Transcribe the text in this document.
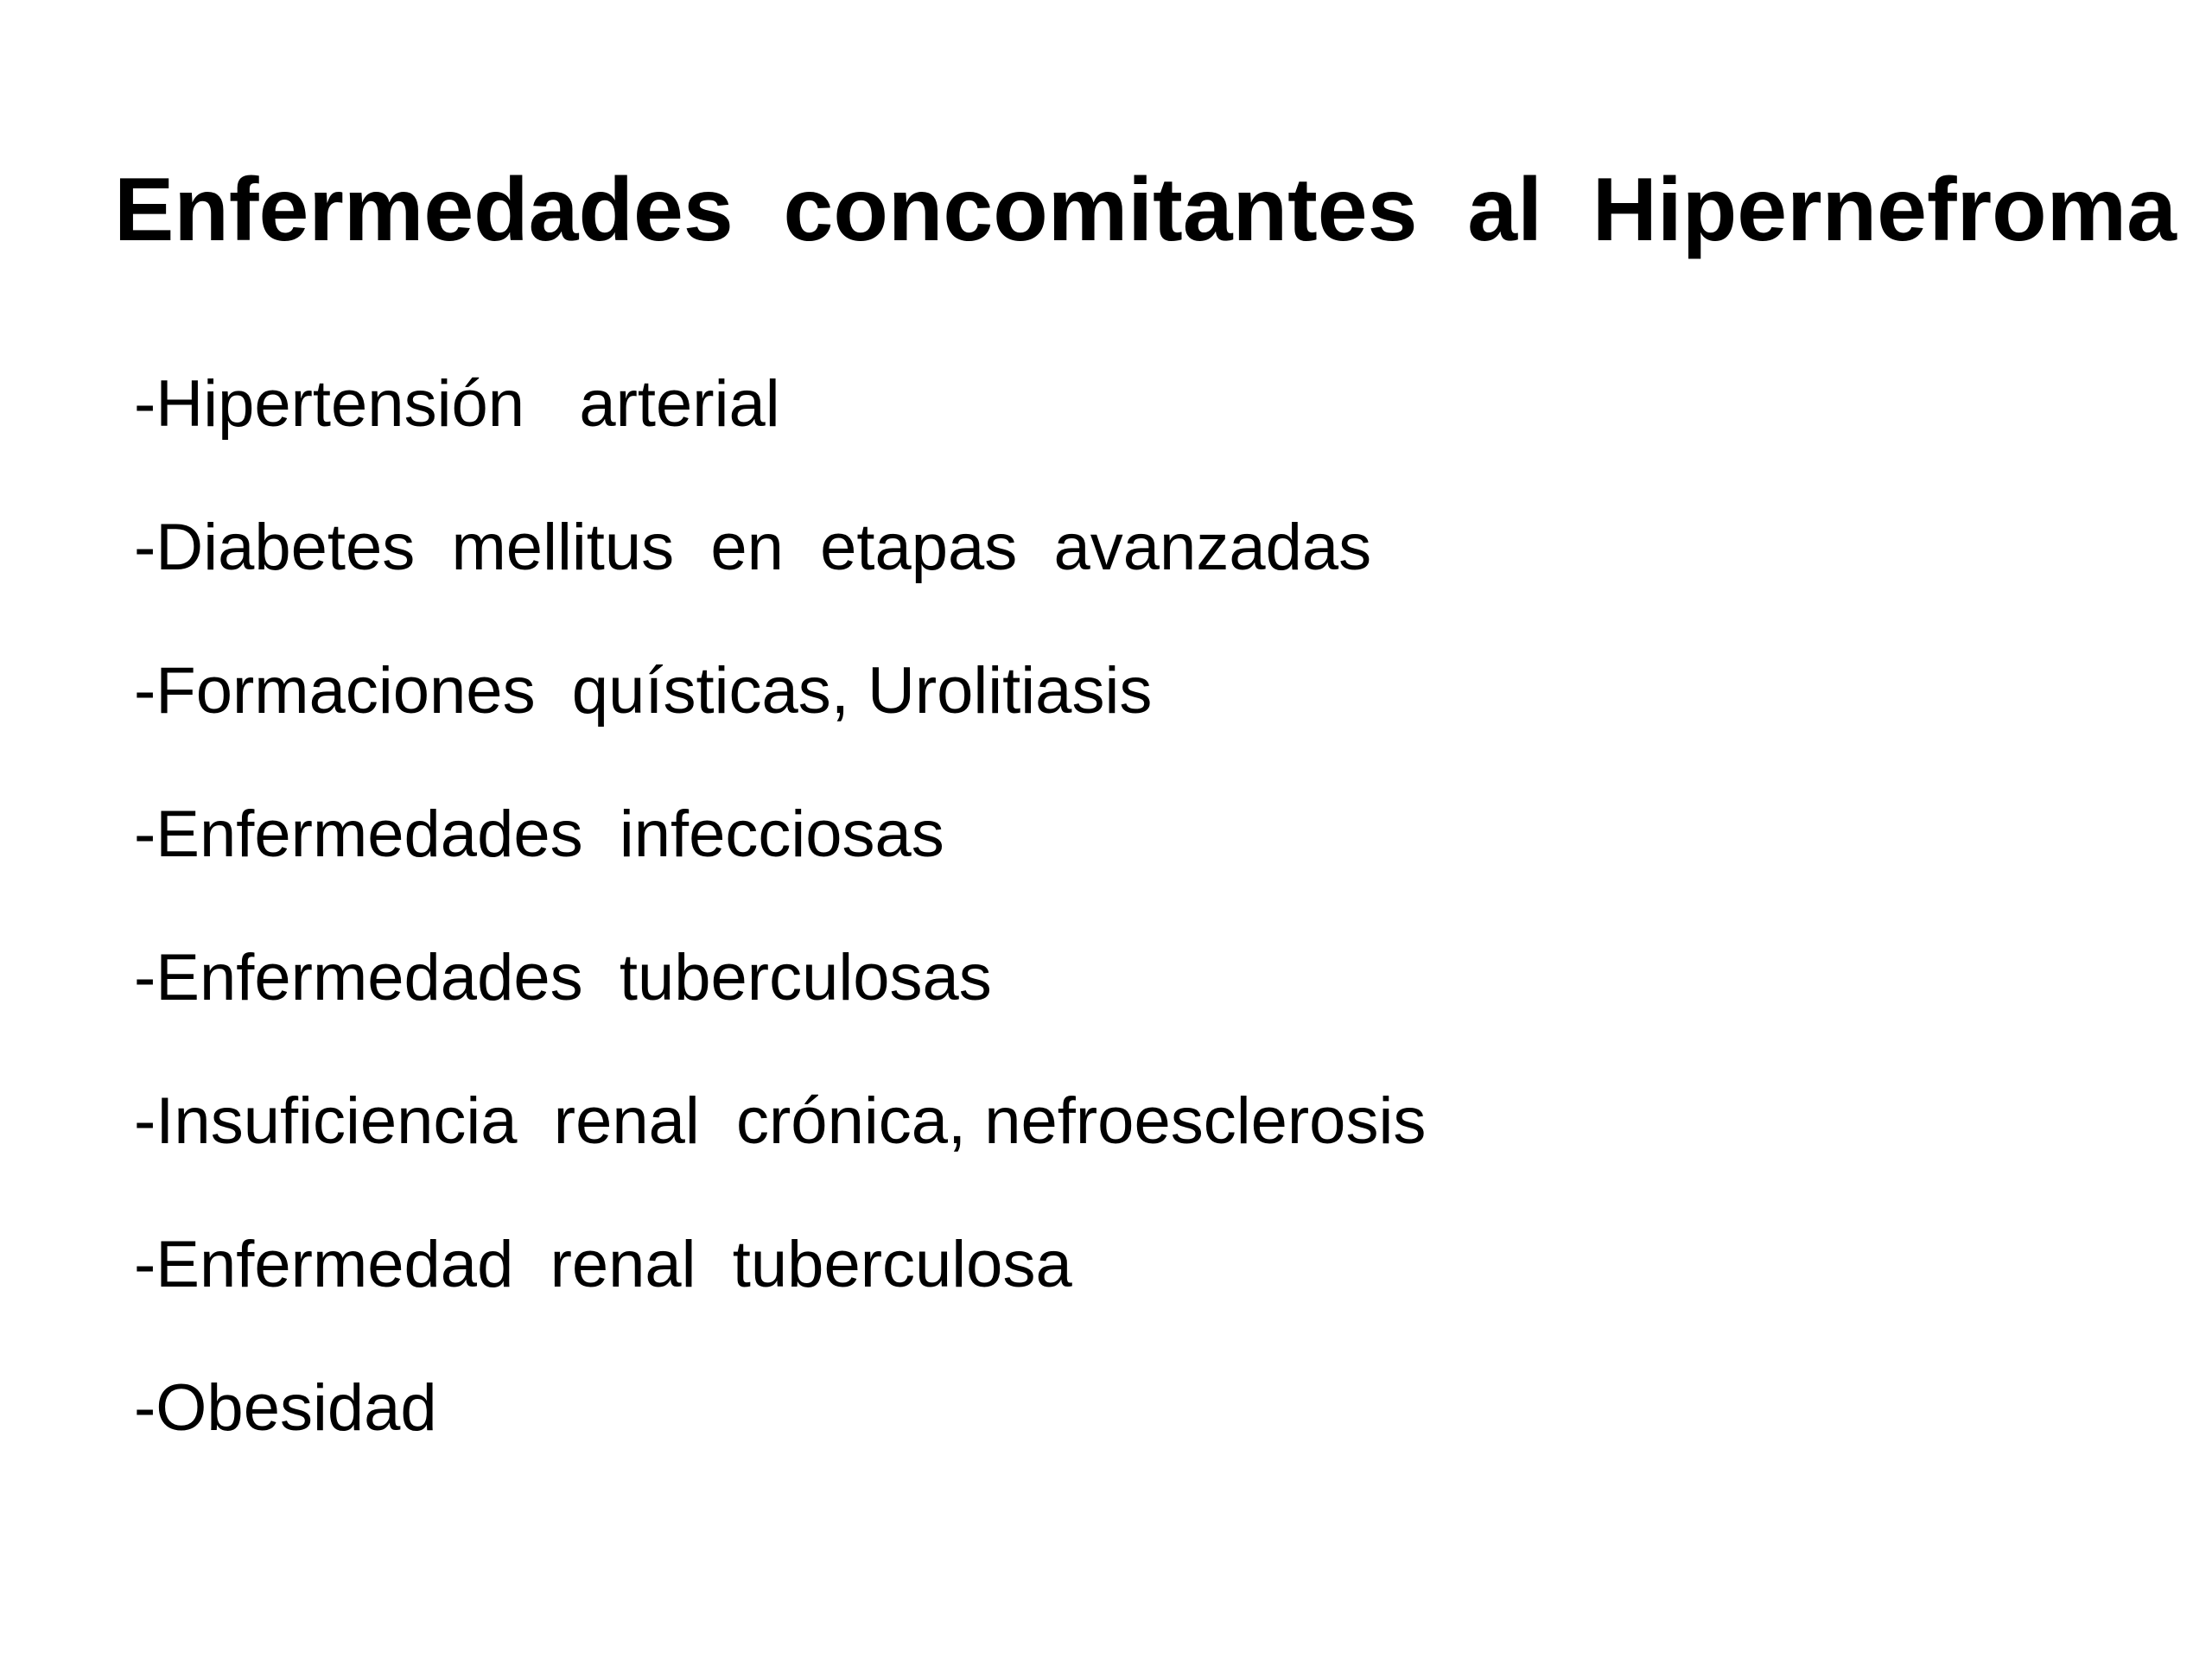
Enfermedades  concomitantes  al  Hipernefroma
-Hipertensión   arterial
-Diabetes  mellitus  en  etapas  avanzadas
-Formaciones  quísticas, Urolitiasis
-Enfermedades  infecciosas
-Enfermedades  tuberculosas
-Insuficiencia  renal  crónica, nefroesclerosis
-Enfermedad  renal  tuberculosa
-Obesidad
